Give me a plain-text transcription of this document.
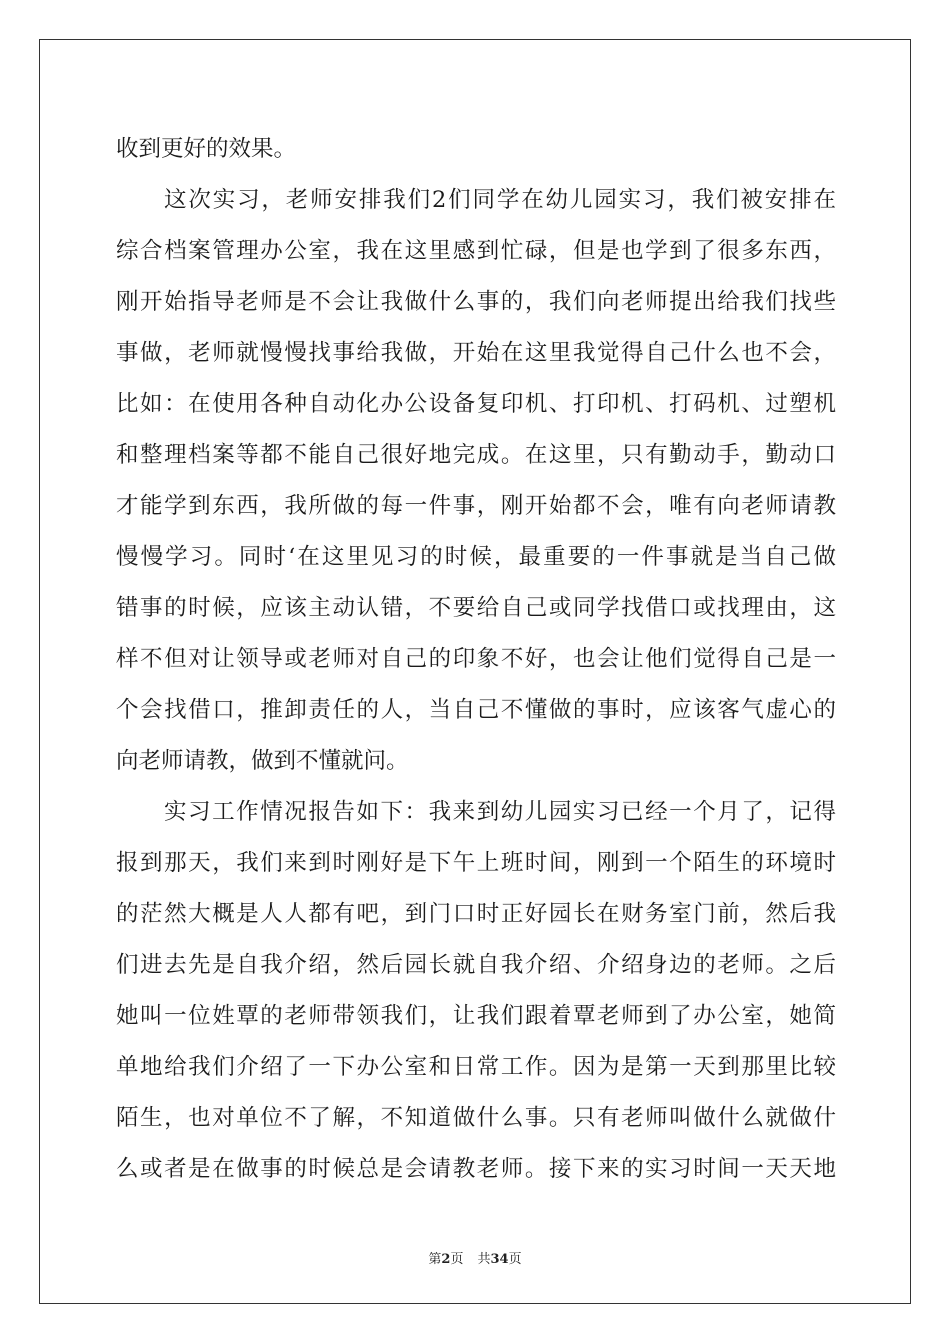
收到更好的效果。
这次实习，老师安排我们2们同学在幼儿园实习，我们被安排在
综合档案管理办公室，我在这里感到忙碌，但是也学到了很多东西，
刚开始指导老师是不会让我做什么事的，我们向老师提出给我们找些
事做，老师就慢慢找事给我做，开始在这里我觉得自己什么也不会，
比如：在使用各种自动化办公设备复印机、打印机、打码机、过塑机
和整理档案等都不能自己很好地完成。在这里，只有勤动手，勤动口
才能学到东西，我所做的每一件事，刚开始都不会，唯有向老师请教
慢慢学习。同时‘在这里见习的时候，最重要的一件事就是当自己做
错事的时候，应该主动认错，不要给自己或同学找借口或找理由，这
样不但对让领导或老师对自己的印象不好，也会让他们觉得自己是一
个会找借口，推卸责任的人，当自己不懂做的事时，应该客气虚心的
向老师请教，做到不懂就问。
实习工作情况报告如下：我来到幼儿园实习已经一个月了，记得
报到那天，我们来到时刚好是下午上班时间，刚到一个陌生的环境时
的茫然大概是人人都有吧，到门口时正好园长在财务室门前，然后我
们进去先是自我介绍，然后园长就自我介绍、介绍身边的老师。之后
她叫一位姓覃的老师带领我们，让我们跟着覃老师到了办公室，她简
单地给我们介绍了一下办公室和日常工作。因为是第一天到那里比较
陌生，也对单位不了解，不知道做什么事。只有老师叫做什么就做什
么或者是在做事的时候总是会请教老师。接下来的实习时间一天天地
第2页 共34页
